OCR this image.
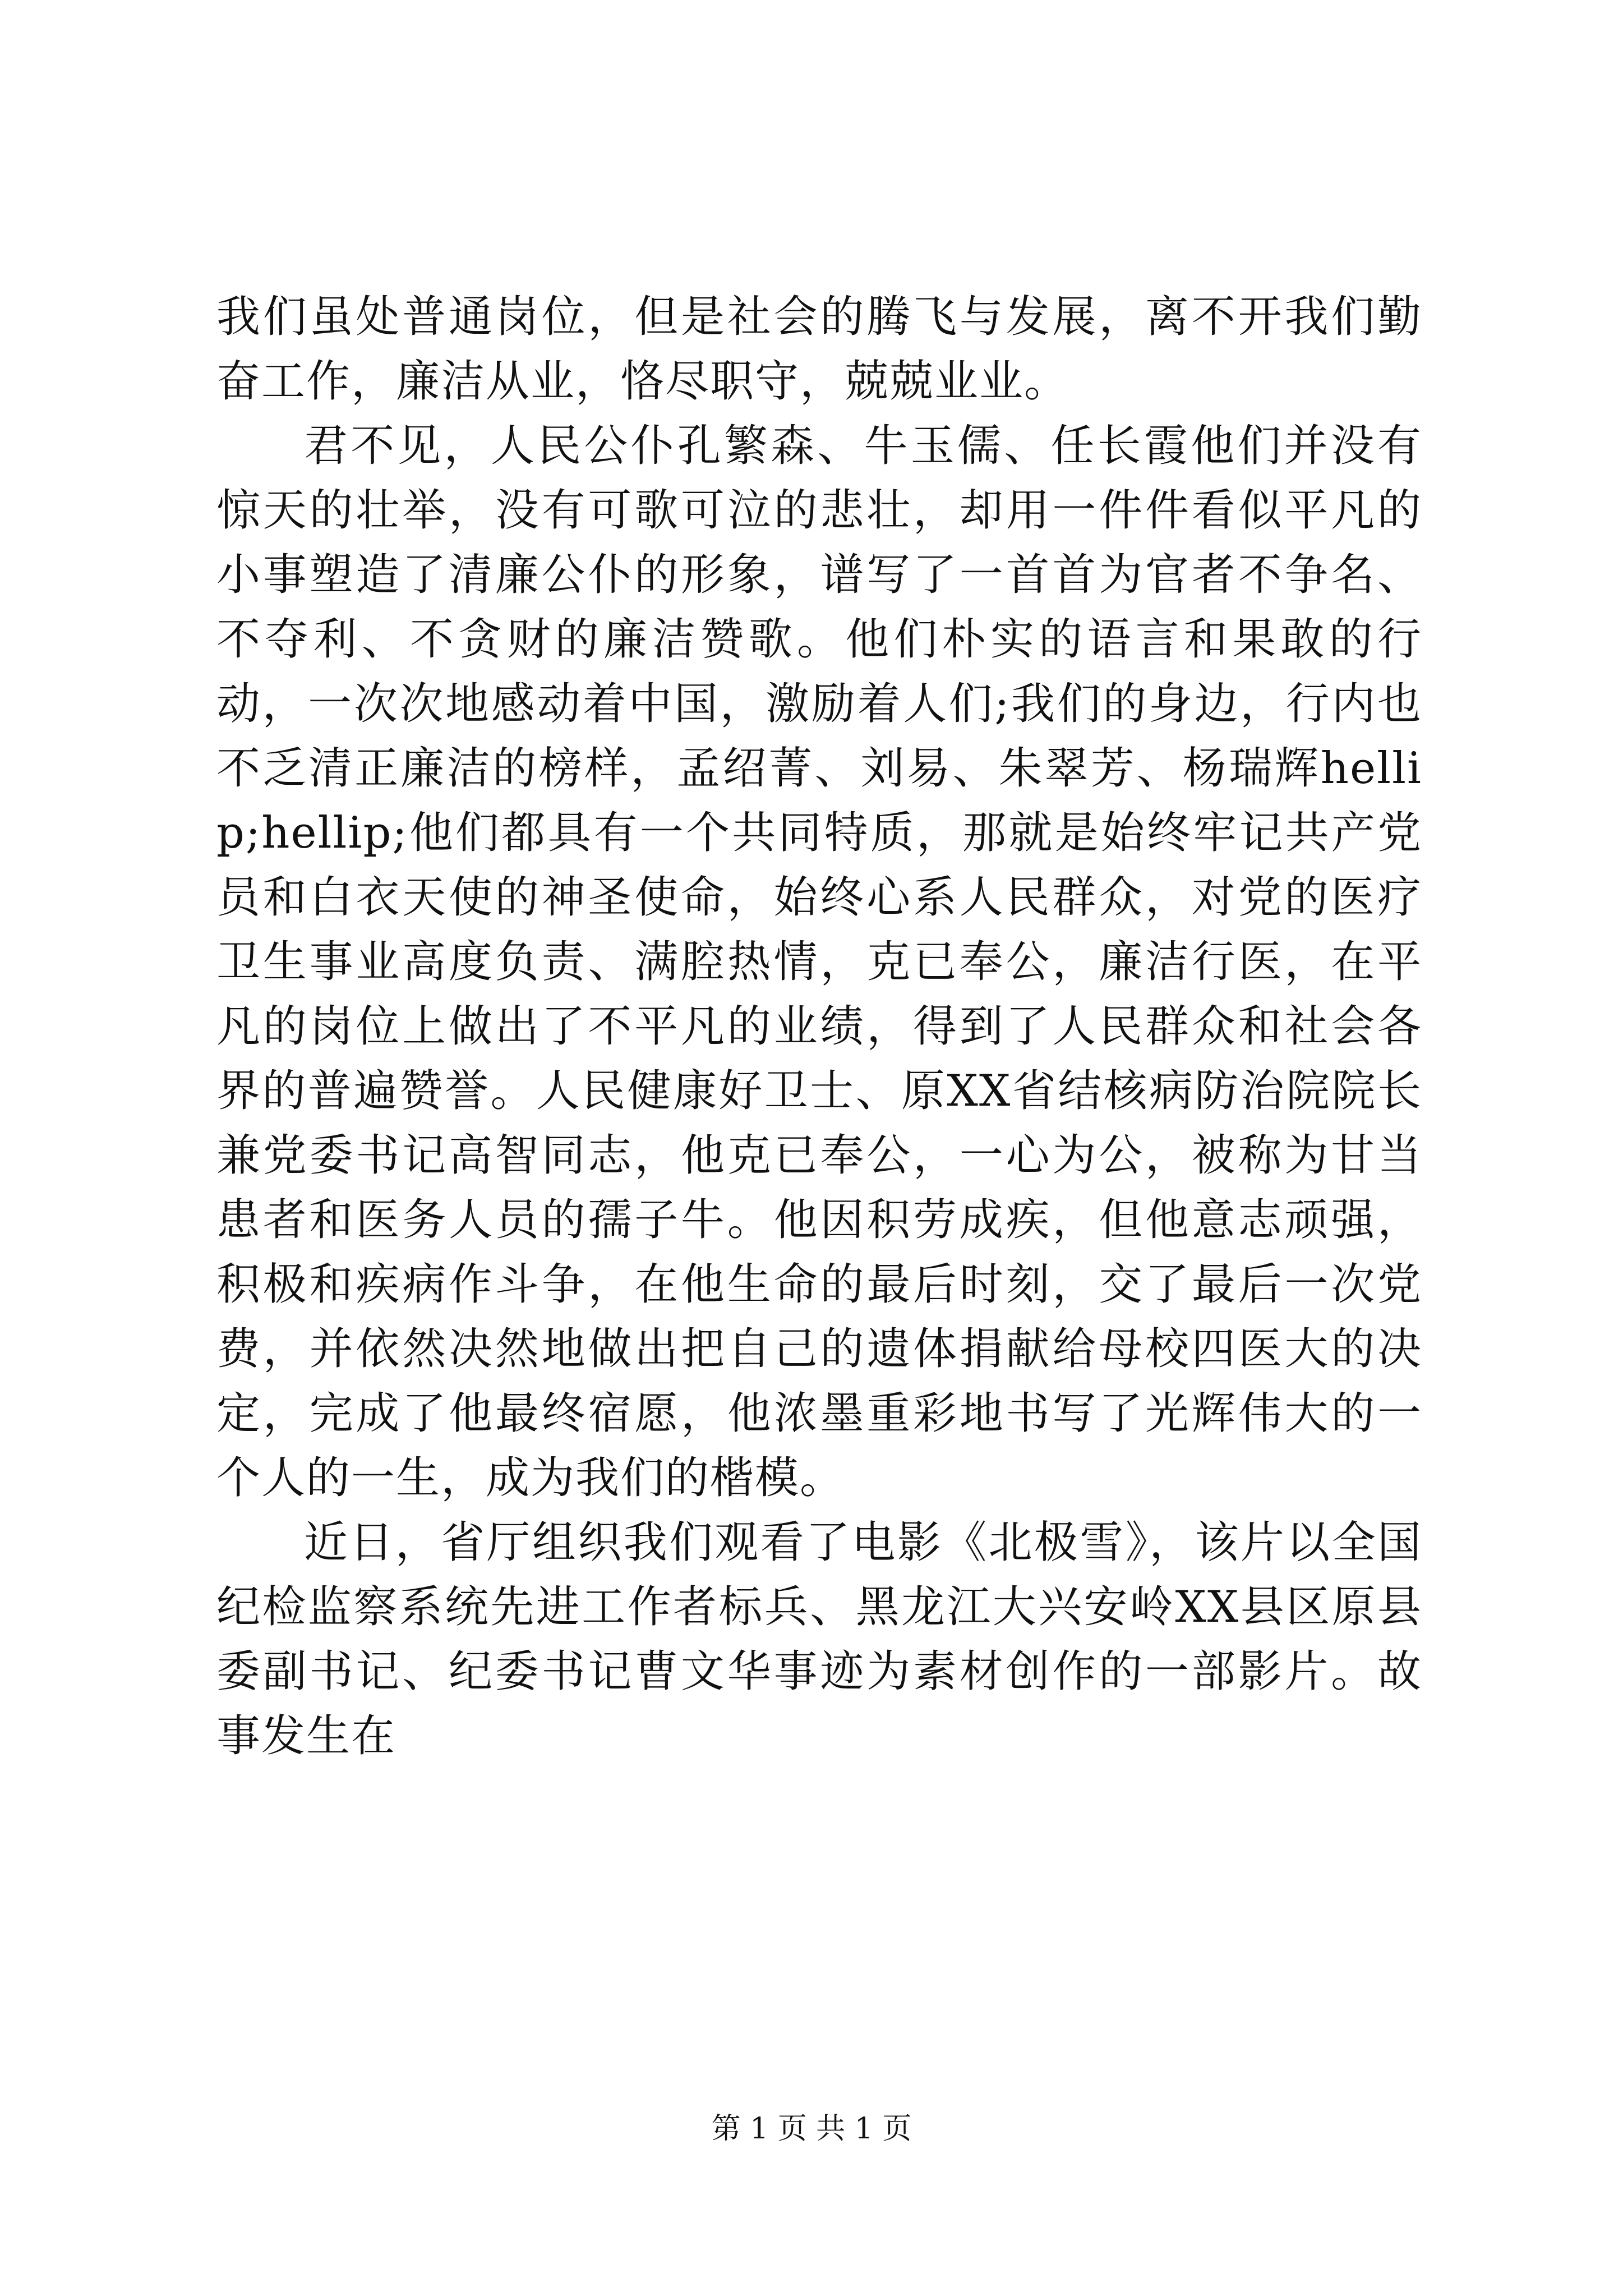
我们虽处普通岗位，但是社会的腾飞与发展，离不开我们勤奋工作，廉洁从业，恪尽职守，兢兢业业。

君不见，人民公仆孔繁森、牛玉儒、任长霞他们并没有惊天的壮举，没有可歌可泣的悲壮，却用一件件看似平凡的小事塑造了清廉公仆的形象，谱写了一首首为官者不争名、不夺利、不贪财的廉洁赞歌。他们朴实的语言和果敢的行动，一次次地感动着中国，激励着人们;我们的身边，行内也不乏清正廉洁的榜样，孟绍菁、刘易、朱翠芳、杨瑞辉hellip;hellip;他们都具有一个共同特质，那就是始终牢记共产党员和白衣天使的神圣使命，始终心系人民群众，对党的医疗卫生事业高度负责、满腔热情，克已奉公，廉洁行医，在平凡的岗位上做出了不平凡的业绩，得到了人民群众和社会各界的普遍赞誉。人民健康好卫士、原XX省结核病防治院院长兼党委书记高智同志，他克已奉公，一心为公，被称为甘当患者和医务人员的孺子牛。他因积劳成疾，但他意志顽强，积极和疾病作斗争，在他生命的最后时刻，交了最后一次党费，并依然决然地做出把自己的遗体捐献给母校四医大的决定，完成了他最终宿愿，他浓墨重彩地书写了光辉伟大的一个人的一生，成为我们的楷模。

近日，省厅组织我们观看了电影《北极雪》，该片以全国纪检监察系统先进工作者标兵、黑龙江大兴安岭XX县区原县委副书记、纪委书记曹文华事迹为素材创作的一部影片。故事发生在

第 1 页 共 1 页
